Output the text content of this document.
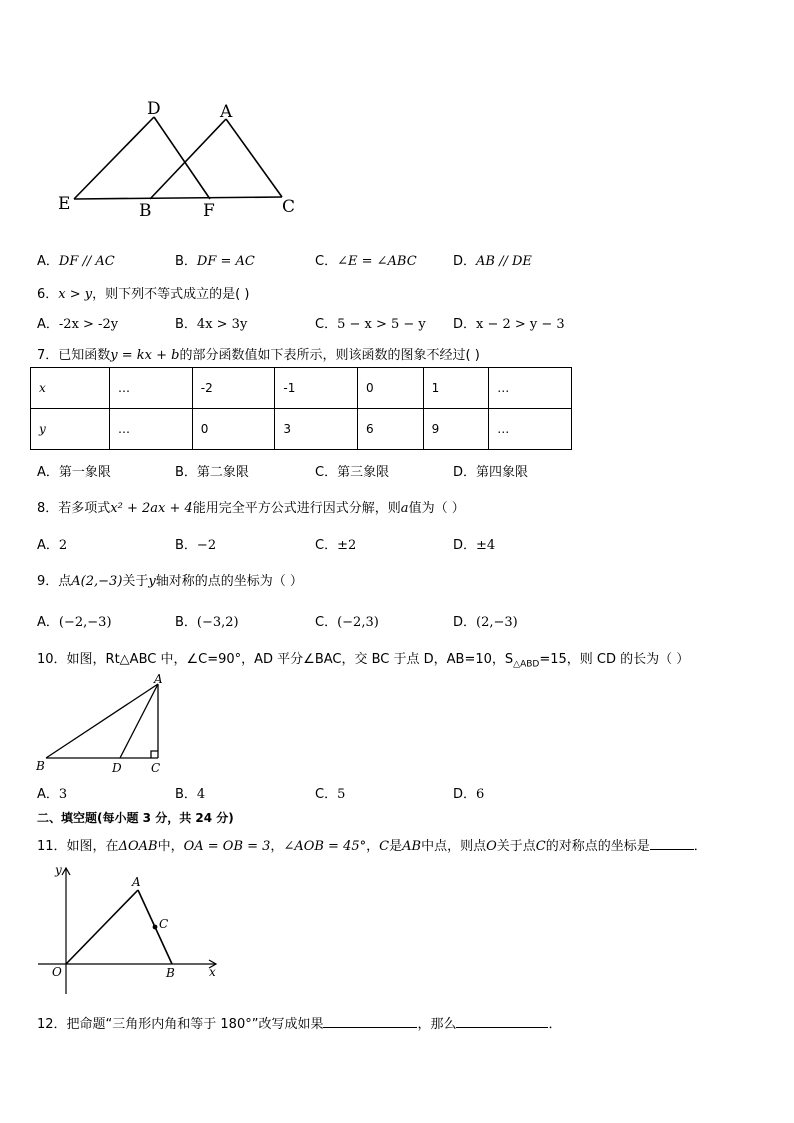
D	A
E	B	F	C
A．DF // AC	B．DF = AC	C．∠E = ∠ABC	D．AB // DE
6．x > y，则下列不等式成立的是( )
A．-2x > -2y	B．4x > 3y	C．5 − x > 5 − y D．x − 2 > y − 3
7．已知函数y = kx + b的部分函数值如下表所示，则该函数的图象不经过( )
x	…	-2	-1	0	1	…
y	…	0	3	6	9	…
A．第一象限	B．第二象限	C．第三象限	D．第四象限
8．若多项式x² + 2ax + 4能用完全平方公式进行因式分解，则a值为（ ）
A．2	B．−2	C．±2	D．±4
9．点A(2,−3)关于y轴对称的点的坐标为（ ）
A．(−2,−3)	B．(−3,2)	C．(−2,3)	D．(2,−3)
10．如图，Rt△ABC 中，∠C=90°，AD 平分∠BAC，交 BC 于点 D，AB=10，$S_{\triangle ABD}=15$，则 CD 的长为（ ）
A
B	D C
A．3	B．4	C．5	D．6
二、填空题(每小题 3 分，共 24 分)
11．如图，在ΔOAB中，OA = OB = 3，∠AOB = 45°，C是AB中点，则点O关于点C的对称点的坐标是	．
y
A
C
O	B	x
12．把命题“三角形内角和等于 180°”改写成如果	，那么	．
